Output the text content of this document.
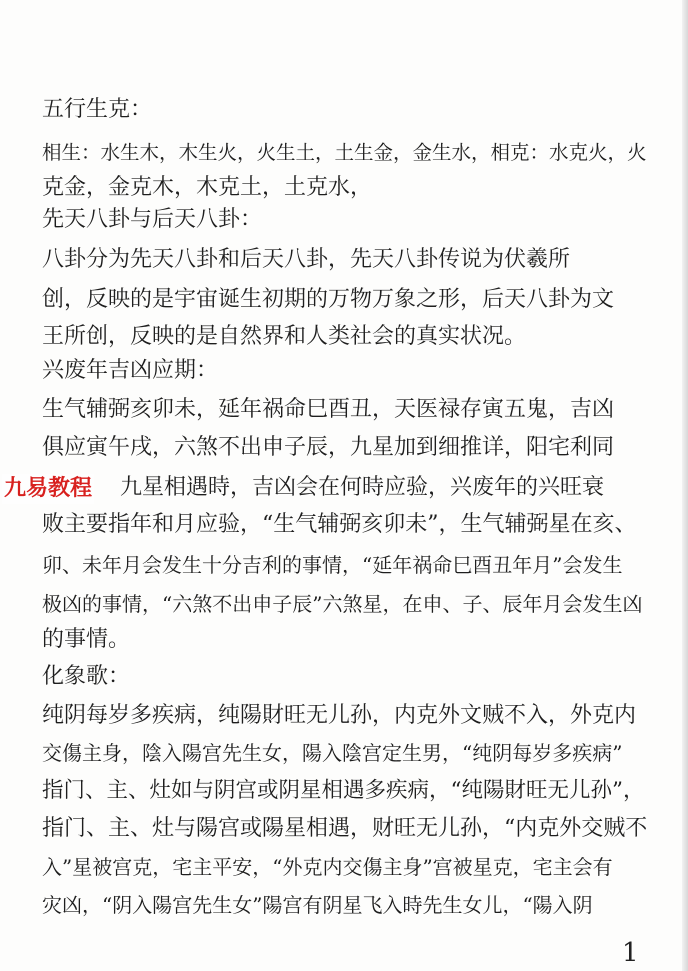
五行生克：
相生：水生木，木生火，火生土，土生金，金生水，相克：水克火，火
克金，金克木，木克土，土克水，
先天八卦与后天八卦：
八卦分为先天八卦和后天八卦，先天八卦传说为伏羲所
创，反映的是宇宙诞生初期的万物万象之形，后天八卦为文
王所创，反映的是自然界和人类社会的真实状况。
兴废年吉凶应期：
生气辅弼亥卯未，延年祸命巳酉丑，天医禄存寅五鬼，吉凶
俱应寅午戌，六煞不出申子辰，九星加到细推详，阳宅利同
九星相遇時，吉凶会在何時应验，兴废年的兴旺衰
败主要指年和月应验，“生气辅弼亥卯未”，生气辅弼星在亥、
卯、未年月会发生十分吉利的事情，“延年祸命巳酉丑年月”会发生
极凶的事情，“六煞不出申子辰”六煞星，在申、子、辰年月会发生凶
的事情。
化象歌：
纯阴每岁多疾病，纯陽財旺无儿孙，内克外文贼不入，外克内
交傷主身，陰入陽宫先生女，陽入陰宫定生男，“纯阴每岁多疾病”
指门、主、灶如与阴宫或阴星相遇多疾病，“纯陽財旺无儿孙”，
指门、主、灶与陽宫或陽星相遇，财旺无儿孙，“内克外交贼不
入”星被宫克，宅主平安，“外克内交傷主身”宫被星克，宅主会有
灾凶，“阴入陽宫先生女”陽宫有阴星飞入時先生女儿，“陽入阴
九易教程
1
